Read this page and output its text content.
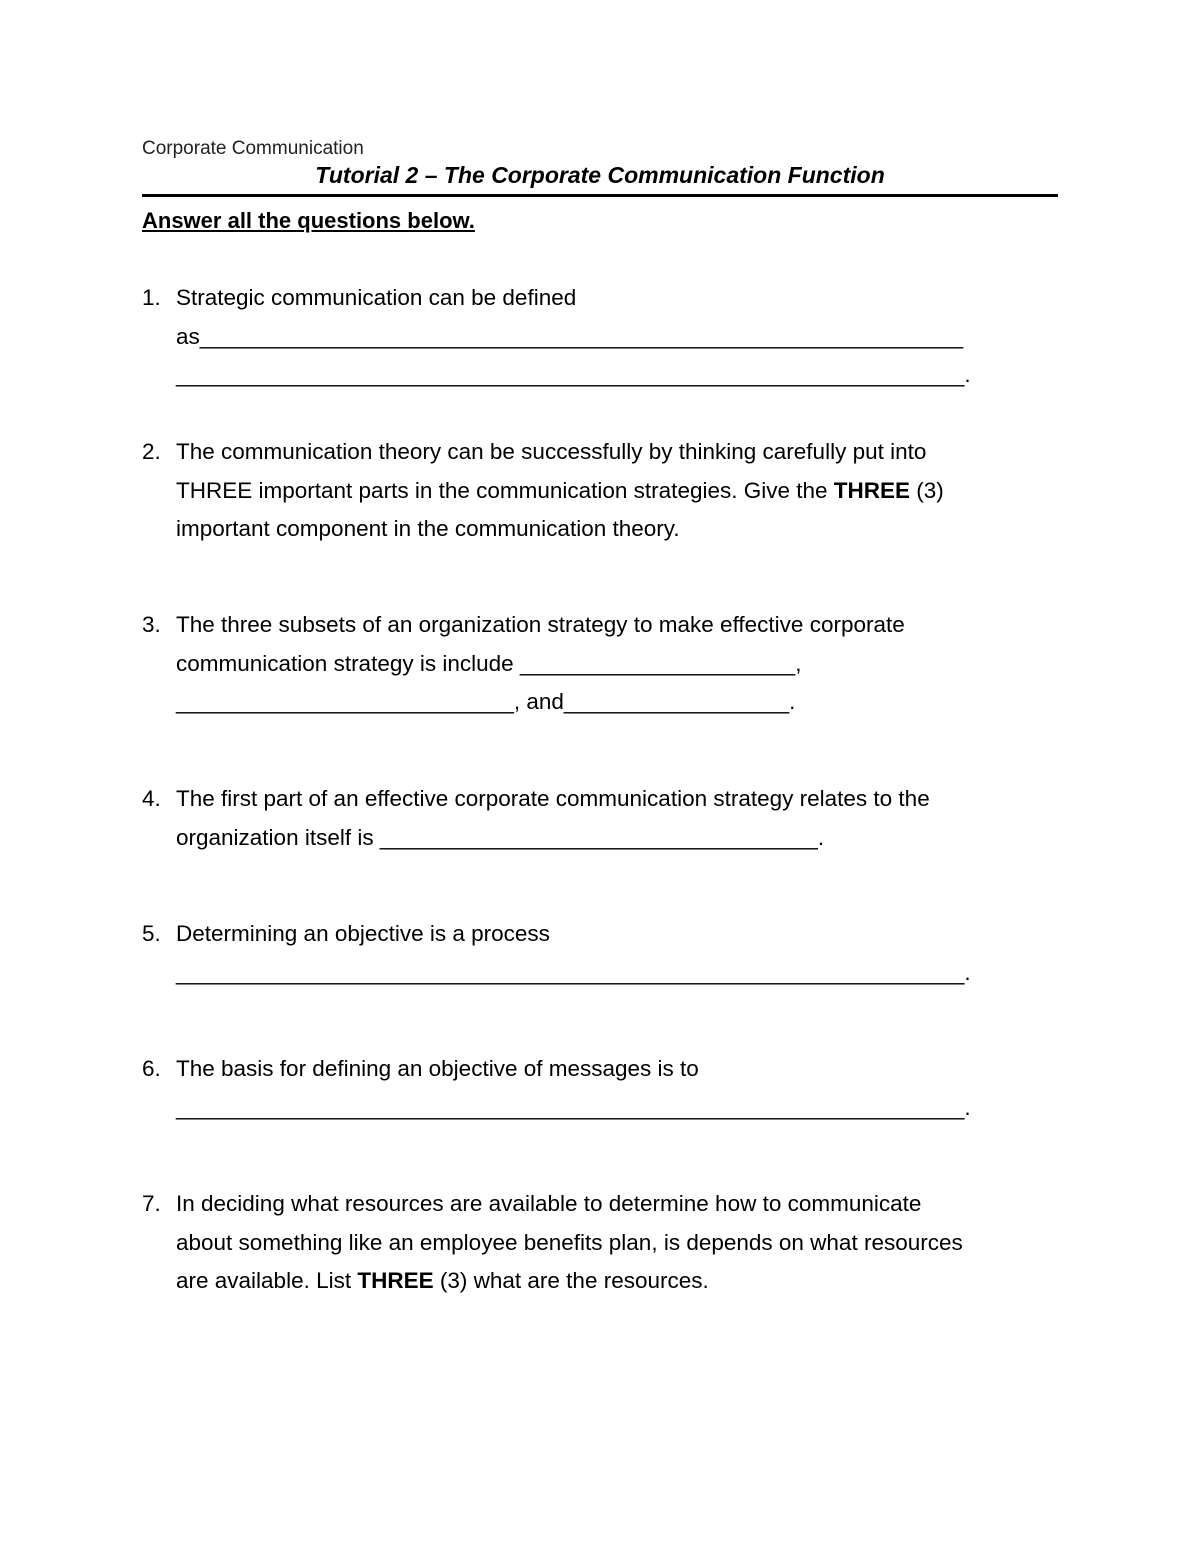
Corporate Communication
Tutorial 2 – The Corporate Communication Function
Answer all the questions below.
1. Strategic communication can be defined
as_____________________________________________________________
_______________________________________________________________.
2. The communication theory can be successfully by thinking carefully put into
THREE important parts in the communication strategies. Give the THREE (3)
important component in the communication theory.
3. The three subsets of an organization strategy to make effective corporate
communication strategy is include ______________________,
___________________________, and__________________.
4. The first part of an effective corporate communication strategy relates to the
organization itself is ___________________________________.
5. Determining an objective is a process
_______________________________________________________________.
6. The basis for defining an objective of messages is to
_______________________________________________________________.
7. In deciding what resources are available to determine how to communicate
about something like an employee benefits plan, is depends on what resources
are available. List THREE (3) what are the resources.
